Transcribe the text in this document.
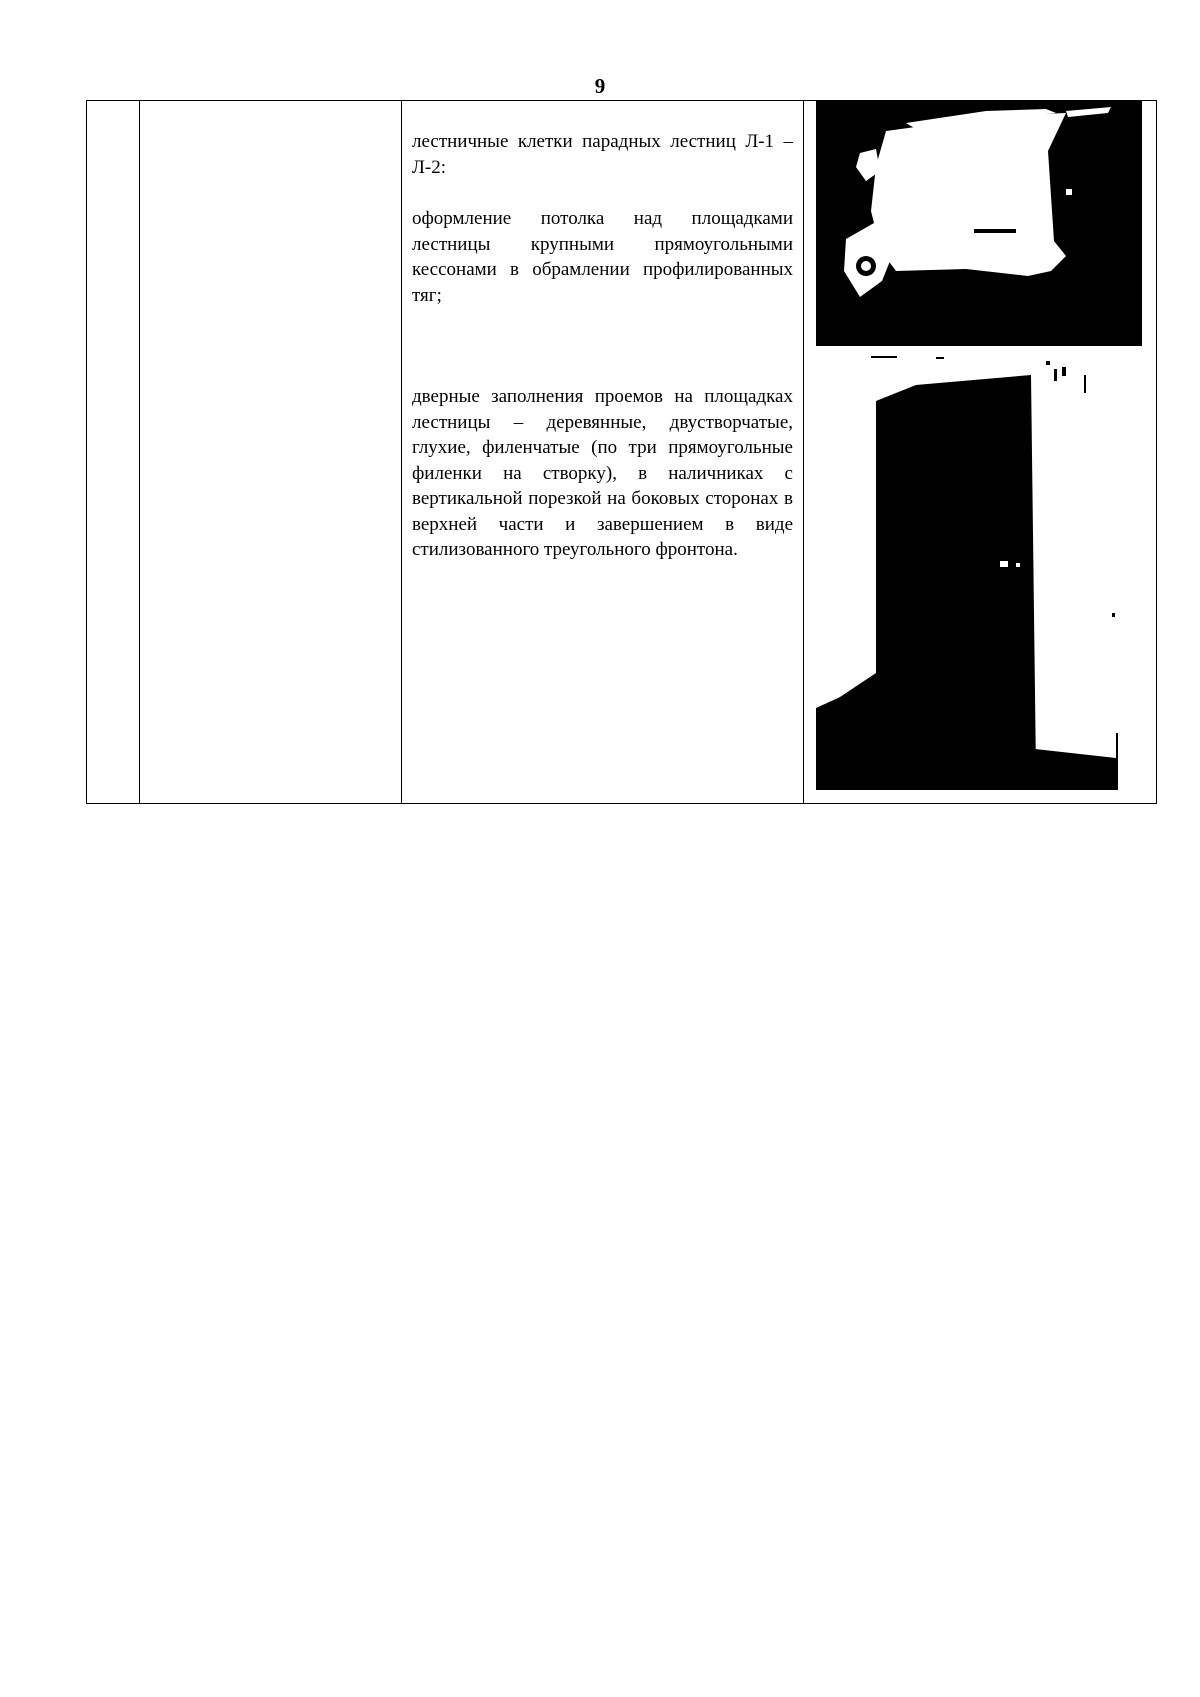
9

лестничные клетки парадных лестниц Л-1 – Л-2:

оформление потолка над площадками лестницы крупными прямоугольными кессонами в обрамлении профилированных тяг;

дверные заполнения проемов на площадках лестницы – деревянные, двустворчатые, глухие, филенчатые (по три прямоугольные филенки на створку), в наличниках с вертикальной порезкой на боковых сторонах в верхней части и завершением в виде стилизованного треугольного фронтона.
